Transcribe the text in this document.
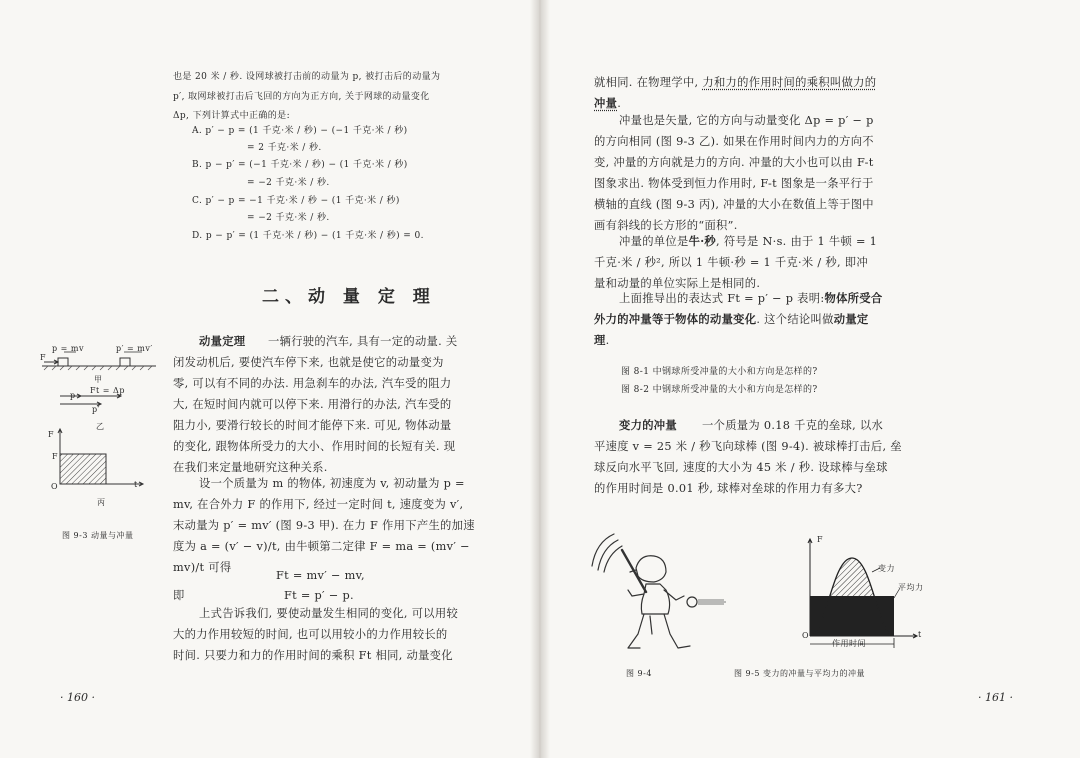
也是 20 米 / 秒. 设网球被打击前的动量为 p, 被打击后的动量为
p′, 取网球被打击后飞回的方向为正方向, 关于网球的动量变化
Δp, 下列计算式中正确的是:
A. p′ − p = (1 千克·米 / 秒) − (−1 千克·米 / 秒)
= 2 千克·米 / 秒.
B. p − p′ = (−1 千克·米 / 秒) − (1 千克·米 / 秒)
= −2 千克·米 / 秒.
C. p′ − p = −1 千克·米 / 秒 − (1 千克·米 / 秒)
= −2 千克·米 / 秒.
D. p − p′ = (1 千克·米 / 秒) − (1 千克·米 / 秒) = 0.
二、动 量 定 理
动量定理 一辆行驶的汽车, 具有一定的动量. 关
闭发动机后, 要使汽车停下来, 也就是使它的动量变为
零, 可以有不同的办法. 用急刹车的办法, 汽车受的阻力
大, 在短时间内就可以停下来. 用滑行的办法, 汽车受的
阻力小, 要滑行较长的时间才能停下来. 可见, 物体动量
的变化, 跟物体所受力的大小、作用时间的长短有关. 现
在我们来定量地研究这种关系.
设一个质量为 m 的物体, 初速度为 v, 初动量为 p =
mv, 在合外力 F 的作用下, 经过一定时间 t, 速度变为 v′,
末动量为 p′ = mv′ (图 9-3 甲). 在力 F 作用下产生的加速
度为 a = (v′ − v)/t, 由牛顿第二定律 F = ma = (mv′ −
mv)/t 可得
Ft = mv′ − mv,
即	Ft = p′ − p.
上式告诉我们, 要使动量发生相同的变化, 可以用较
大的力作用较短的时间, 也可以用较小的力作用较长的
时间. 只要力和力的作用时间的乘积 Ft 相同, 动量变化
p = mv	p′ = mv′
F
甲
Ft = Δp
p
p′
乙
F
F
O	t
丙
图 9-3 动量与冲量
· 160 ·
就相同. 在物理学中, 力和力的作用时间的乘积叫做力的
冲量.
冲量也是矢量, 它的方向与动量变化 Δp = p′ − p
的方向相同 (图 9-3 乙). 如果在作用时间内力的方向不
变, 冲量的方向就是力的方向. 冲量的大小也可以由 F-t
图象求出. 物体受到恒力作用时, F-t 图象是一条平行于
横轴的直线 (图 9-3 丙), 冲量的大小在数值上等于图中
画有斜线的长方形的“面积”.
冲量的单位是牛·秒, 符号是 N·s. 由于 1 牛顿 = 1
千克·米 / 秒², 所以 1 牛顿·秒 = 1 千克·米 / 秒, 即冲
量和动量的单位实际上是相同的.
上面推导出的表达式 Ft = p′ − p 表明:物体所受合
外力的冲量等于物体的动量变化. 这个结论叫做动量定
理.
图 8-1 中钢球所受冲量的大小和方向是怎样的?
图 8-2 中钢球所受冲量的大小和方向是怎样的?
变力的冲量 一个质量为 0.18 千克的垒球, 以水
平速度 v = 25 米 / 秒飞向球棒 (图 9-4). 被球棒打击后, 垒
球反向水平飞回, 速度的大小为 45 米 / 秒. 设球棒与垒球
的作用时间是 0.01 秒, 球棒对垒球的作用力有多大?
图 9-4
F
变力
平均力
O	t
作用时间
图 9-5 变力的冲量与平均力的冲量
· 161 ·
